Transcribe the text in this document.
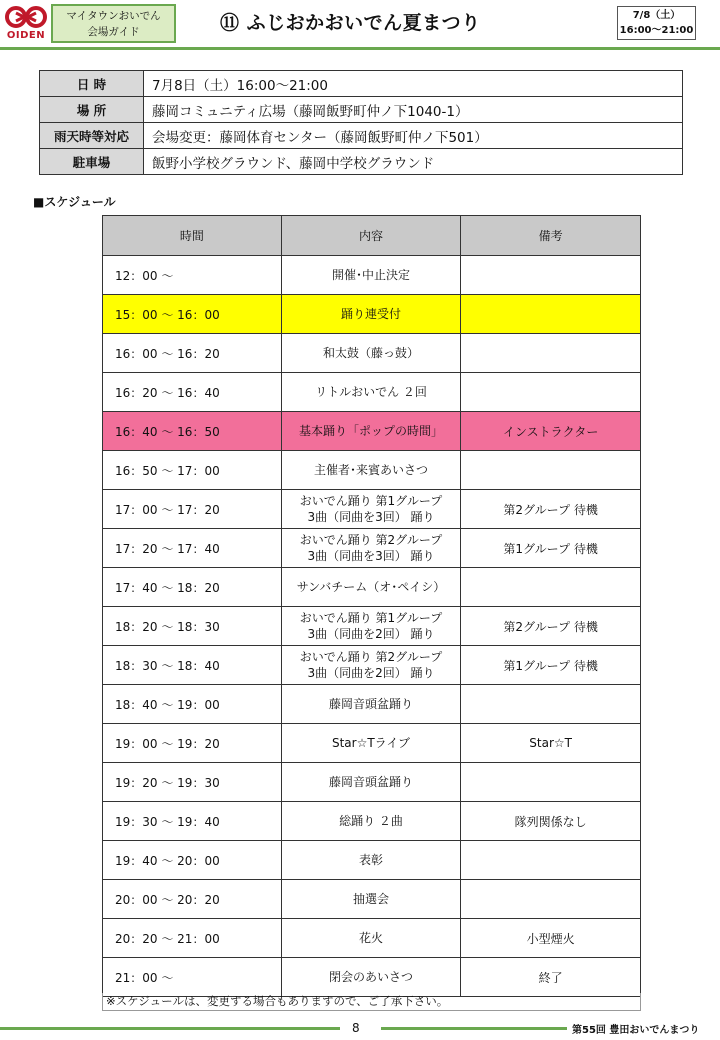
OIDEN
マイタウンおいでん
会場ガイド	⑪ ふじおかおいでん夏まつり	7/8（土）
16:00〜21:00
日 時	7月8日（土）16:00〜21:00
場 所	藤岡コミュニティ広場（藤岡飯野町仲ノ下1040-1）
雨天時等対応	会場変更：藤岡体育センター（藤岡飯野町仲ノ下501）
駐車場	飯野小学校グラウンド、藤岡中学校グラウンド
■スケジュール
時間	内容	備考
12：00 〜	開催･中止決定	

15：00 〜 16：00	踊り連受付	

16：00 〜 16：20	和太鼓（藤っ鼓）	

16：20 〜 16：40	リトルおいでん ２回	

16：40 〜 16：50	基本踊り「ポップの時間」	インストラクター
16：50 〜 17：00	主催者･来賓あいさつ	

17：00 〜 17：20	おいでん踊り 第1グループ
3曲（同曲を3回） 踊り	第2グループ 待機
17：20 〜 17：40	おいでん踊り 第2グループ
3曲（同曲を3回） 踊り	第1グループ 待機
17：40 〜 18：20	サンバチーム（オ･ペイシ）	

18：20 〜 18：30	おいでん踊り 第1グループ
3曲（同曲を2回） 踊り	第2グループ 待機
18：30 〜 18：40	おいでん踊り 第2グループ
3曲（同曲を2回） 踊り	第1グループ 待機
18：40 〜 19：00	藤岡音頭盆踊り	

19：00 〜 19：20	Star☆Tライブ	Star☆T
19：20 〜 19：30	藤岡音頭盆踊り	

19：30 〜 19：40	総踊り ２曲	隊列関係なし
19：40 〜 20：00	表彰	

20：00 〜 20：20	抽選会	

20：20 〜 21：00	花火	小型煙火
21：00 〜	閉会のあいさつ	終了
※スケジュールは、変更する場合もありますので、ご了承下さい。
8	第55回 豊田おいでんまつり
